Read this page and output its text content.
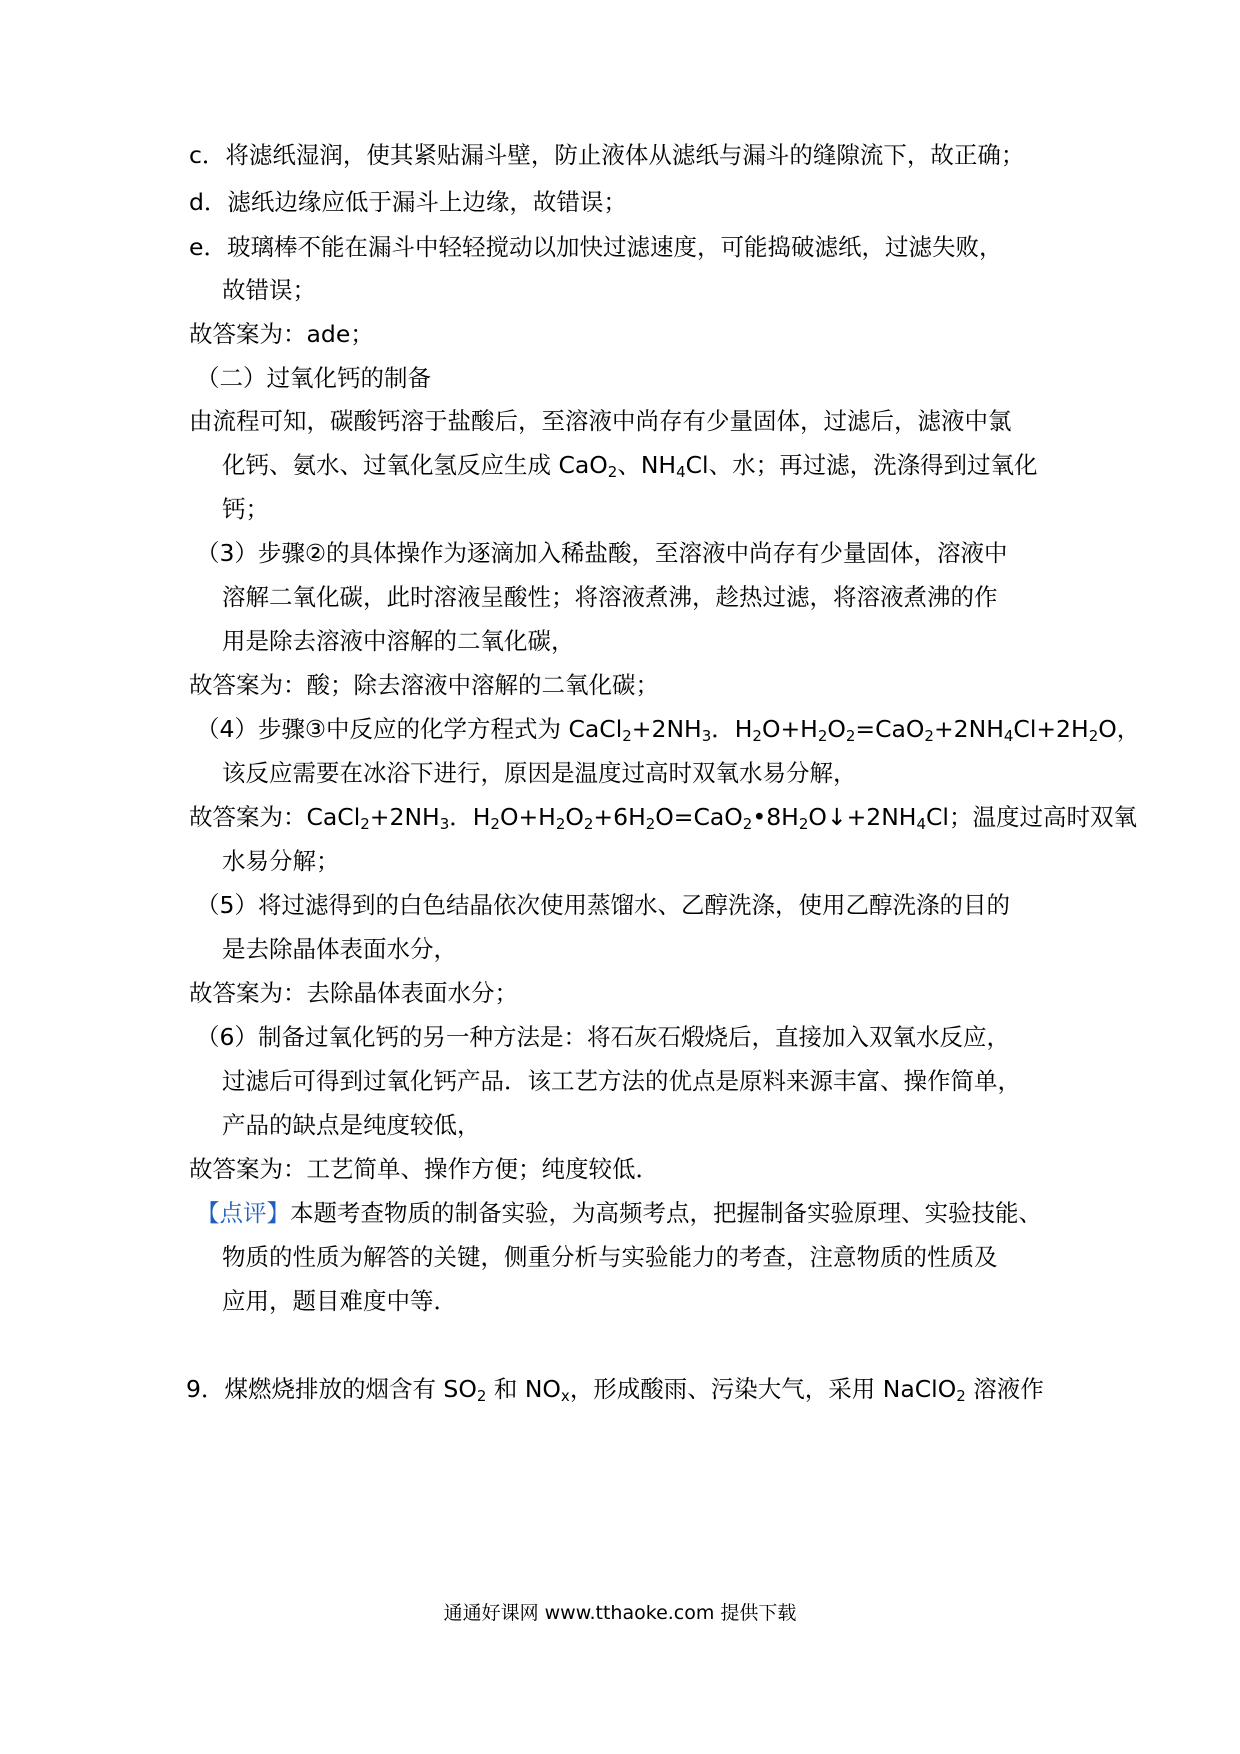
c．将滤纸湿润，使其紧贴漏斗壁，防止液体从滤纸与漏斗的缝隙流下，故正确；
d．滤纸边缘应低于漏斗上边缘，故错误；
e．玻璃棒不能在漏斗中轻轻搅动以加快过滤速度，可能捣破滤纸，过滤失败，
故错误；
故答案为：ade；
（二）过氧化钙的制备
由流程可知，碳酸钙溶于盐酸后，至溶液中尚存有少量固体，过滤后，滤液中氯
化钙、氨水、过氧化氢反应生成 CaO$_2$、$NH_4Cl$、水；再过滤，洗涤得到过氧化
钙；
（3）步骤②的具体操作为逐滴加入稀盐酸，至溶液中尚存有少量固体，溶液中
溶解二氧化碳，此时溶液呈酸性；将溶液煮沸，趁热过滤，将溶液煮沸的作
用是除去溶液中溶解的二氧化碳，
故答案为：酸；除去溶液中溶解的二氧化碳；
（4）步骤③中反应的化学方程式为 $CaCl_2+2NH_3$．$H_2O+H_2O_2=CaO_2+2NH_4Cl+2H_2O$，
该反应需要在冰浴下进行，原因是温度过高时双氧水易分解，
故答案为：$CaCl_2+2NH_3$．$H_2O+H_2O_2+6H_2O=CaO_2•8H_2O↓+2NH_4Cl$；温度过高时双氧
水易分解；
（5）将过滤得到的白色结晶依次使用蒸馏水、乙醇洗涤，使用乙醇洗涤的目的
是去除晶体表面水分，
故答案为：去除晶体表面水分；
（6）制备过氧化钙的另一种方法是：将石灰石煅烧后，直接加入双氧水反应，
过滤后可得到过氧化钙产品．该工艺方法的优点是原料来源丰富、操作简单，
产品的缺点是纯度较低，
故答案为：工艺简单、操作方便；纯度较低．
【点评】本题考查物质的制备实验，为高频考点，把握制备实验原理、实验技能、
物质的性质为解答的关键，侧重分析与实验能力的考查，注意物质的性质及
应用，题目难度中等．
9．煤燃烧排放的烟含有 $SO_2$ 和 $NO_x$，形成酸雨、污染大气，采用 NaClO$_2$ 溶液作
通通好课网 www.tthaoke.com 提供下载
